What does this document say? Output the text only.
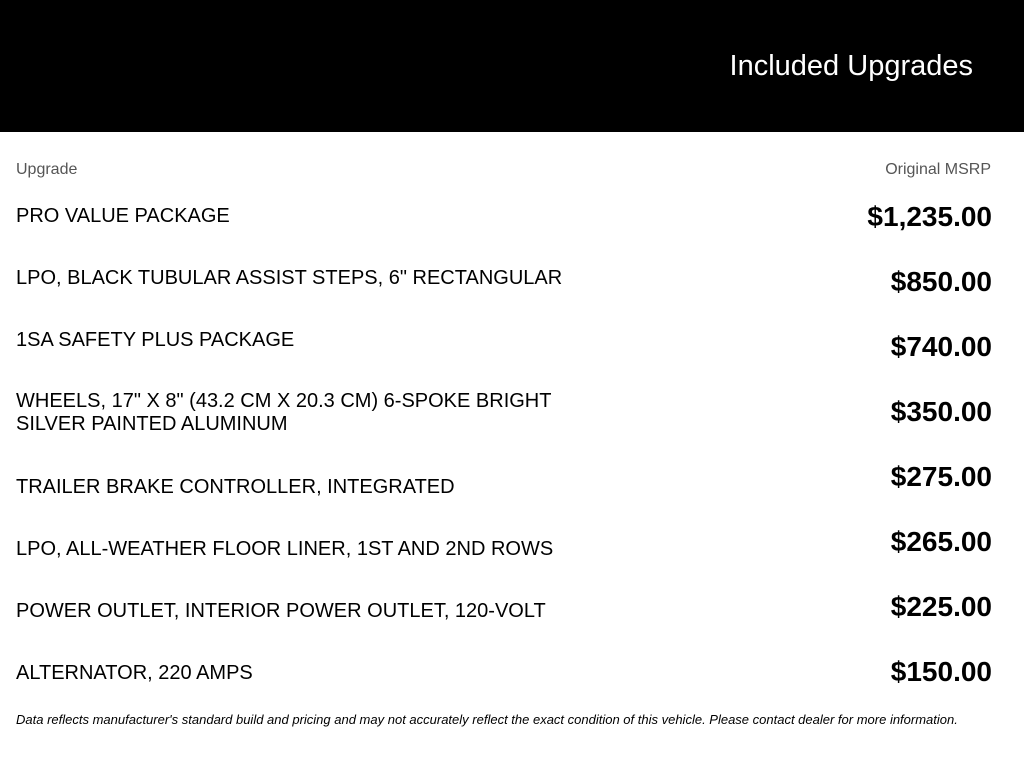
Included Upgrades
Upgrade	Original MSRP
PRO VALUE PACKAGE	$1,235.00
LPO, BLACK TUBULAR ASSIST STEPS, 6" RECTANGULAR	$850.00
1SA SAFETY PLUS PACKAGE	$740.00
WHEELS, 17" X 8" (43.2 CM X 20.3 CM) 6-SPOKE BRIGHT SILVER PAINTED ALUMINUM	$350.00
TRAILER BRAKE CONTROLLER, INTEGRATED	$275.00
LPO, ALL-WEATHER FLOOR LINER, 1ST AND 2ND ROWS	$265.00
POWER OUTLET, INTERIOR POWER OUTLET, 120-VOLT	$225.00
ALTERNATOR, 220 AMPS	$150.00
Data reflects manufacturer's standard build and pricing and may not accurately reflect the exact condition of this vehicle. Please contact dealer for more information.
